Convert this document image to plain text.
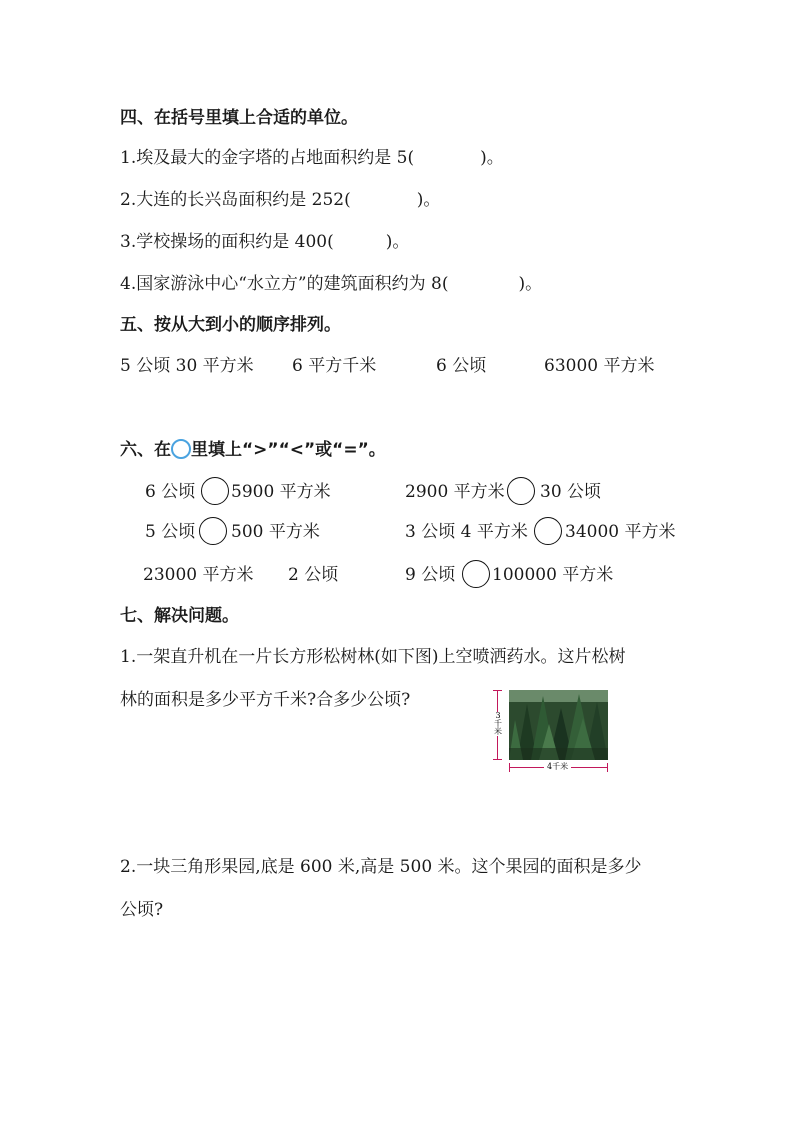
四、在括号里填上合适的单位。
1.埃及最大的金字塔的占地面积约是 5(	)。
2.大连的长兴岛面积约是 252(	)。
3.学校操场的面积约是 400(	)。
4.国家游泳中心“水立方”的建筑面积约为 8(	)。
五、按从大到小的顺序排列。
5 公顷 30 平方米 6 平方千米	6 公顷	63000 平方米
六、在 里填上“>”“<”或“=”。
6 公顷 5900 平方米	2900 平方米 30 公顷
5 公顷 500 平方米	3 公顷 4 平方米 34000 平方米
23000 平方米 2 公顷	9 公顷 100000 平方米
七、解决问题。
1.一架直升机在一片长方形松树林(如下图)上空喷洒药水。这片松树
林的面积是多少平方千米?合多少公顷?
3千米
4千米
2.一块三角形果园,底是 600 米,高是 500 米。这个果园的面积是多少
公顷?
